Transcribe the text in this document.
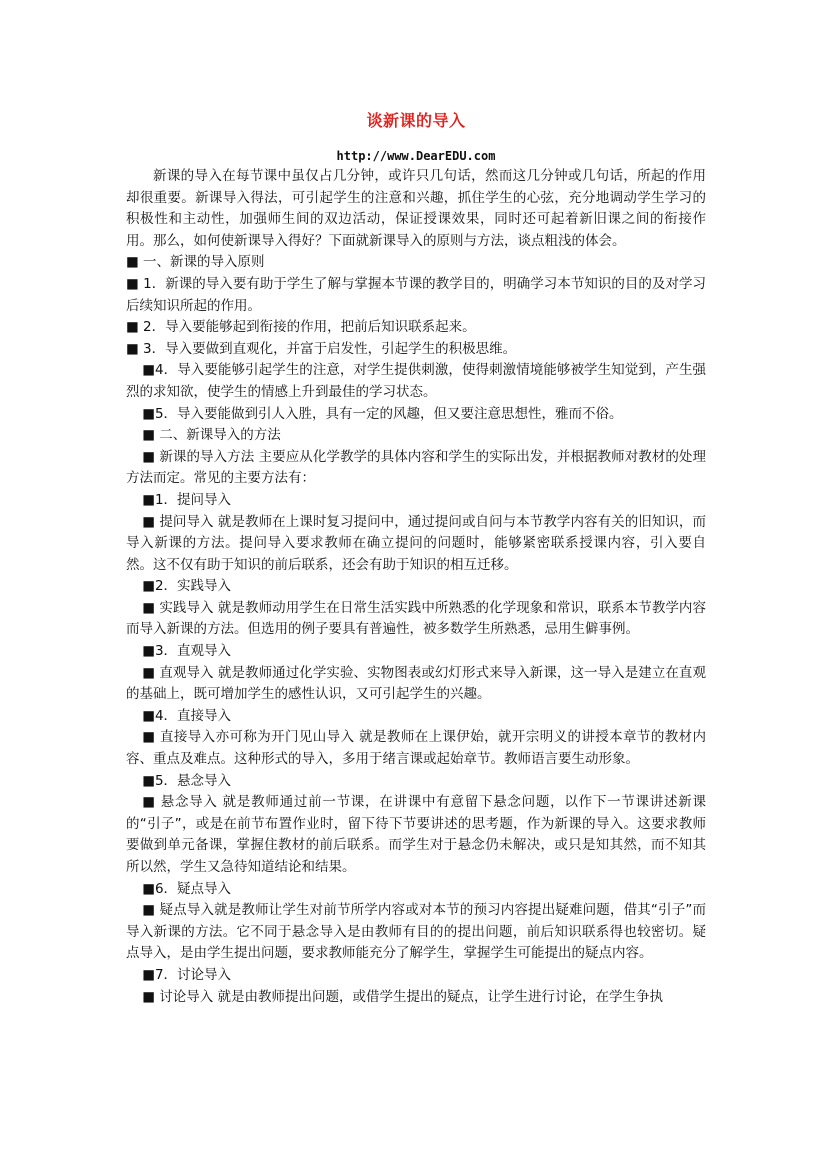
谈新课的导入
http://www.DearEDU.com

新课的导入在每节课中虽仅占几分钟，或许只几句话，然而这几分钟或几句话，所起的作用却很重要。新课导入得法，可引起学生的注意和兴趣，抓住学生的心弦，充分地调动学生学习的积极性和主动性，加强师生间的双边活动，保证授课效果，同时还可起着新旧课之间的衔接作用。那么，如何使新课导入得好？下面就新课导入的原则与方法，谈点粗浅的体会。

■ 一、新课的导入原则

■ 1．新课的导入要有助于学生了解与掌握本节课的教学目的，明确学习本节知识的目的及对学习后续知识所起的作用。

■ 2．导入要能够起到衔接的作用，把前后知识联系起来。

■ 3．导入要做到直观化，并富于启发性，引起学生的积极思维。

■4．导入要能够引起学生的注意，对学生提供刺激，使得刺激情境能够被学生知觉到，产生强烈的求知欲，使学生的情感上升到最佳的学习状态。

■5．导入要能做到引人入胜，具有一定的风趣，但又要注意思想性，雅而不俗。

■ 二、新课导入的方法

■ 新课的导入方法 主要应从化学教学的具体内容和学生的实际出发，并根据教师对教材的处理方法而定。常见的主要方法有：

■1．提问导入

■ 提问导入 就是教师在上课时复习提问中，通过提问或自问与本节教学内容有关的旧知识，而导入新课的方法。提问导入要求教师在确立提问的问题时，能够紧密联系授课内容，引入要自然。这不仅有助于知识的前后联系，还会有助于知识的相互迁移。

■2．实践导入

■ 实践导入 就是教师动用学生在日常生活实践中所熟悉的化学现象和常识，联系本节教学内容而导入新课的方法。但选用的例子要具有普遍性，被多数学生所熟悉，忌用生僻事例。

■3．直观导入

■ 直观导入 就是教师通过化学实验、实物图表或幻灯形式来导入新课，这一导入是建立在直观的基础上，既可增加学生的感性认识，又可引起学生的兴趣。

■4．直接导入

■ 直接导入亦可称为开门见山导入 就是教师在上课伊始，就开宗明义的讲授本章节的教材内容、重点及难点。这种形式的导入，多用于绪言课或起始章节。教师语言要生动形象。

■5．悬念导入

■ 悬念导入 就是教师通过前一节课，在讲课中有意留下悬念问题，以作下一节课讲述新课的“引子”，或是在前节布置作业时，留下待下节要讲述的思考题，作为新课的导入。这要求教师要做到单元备课，掌握住教材的前后联系。而学生对于悬念仍未解决，或只是知其然，而不知其所以然，学生又急待知道结论和结果。

■6．疑点导入

■ 疑点导入就是教师让学生对前节所学内容或对本节的预习内容提出疑难问题，借其“引子”而导入新课的方法。它不同于悬念导入是由教师有目的的提出问题，前后知识联系得也较密切。疑点导入，是由学生提出问题，要求教师能充分了解学生，掌握学生可能提出的疑点内容。

■7．讨论导入

■ 讨论导入 就是由教师提出问题，或借学生提出的疑点，让学生进行讨论，在学生争执
